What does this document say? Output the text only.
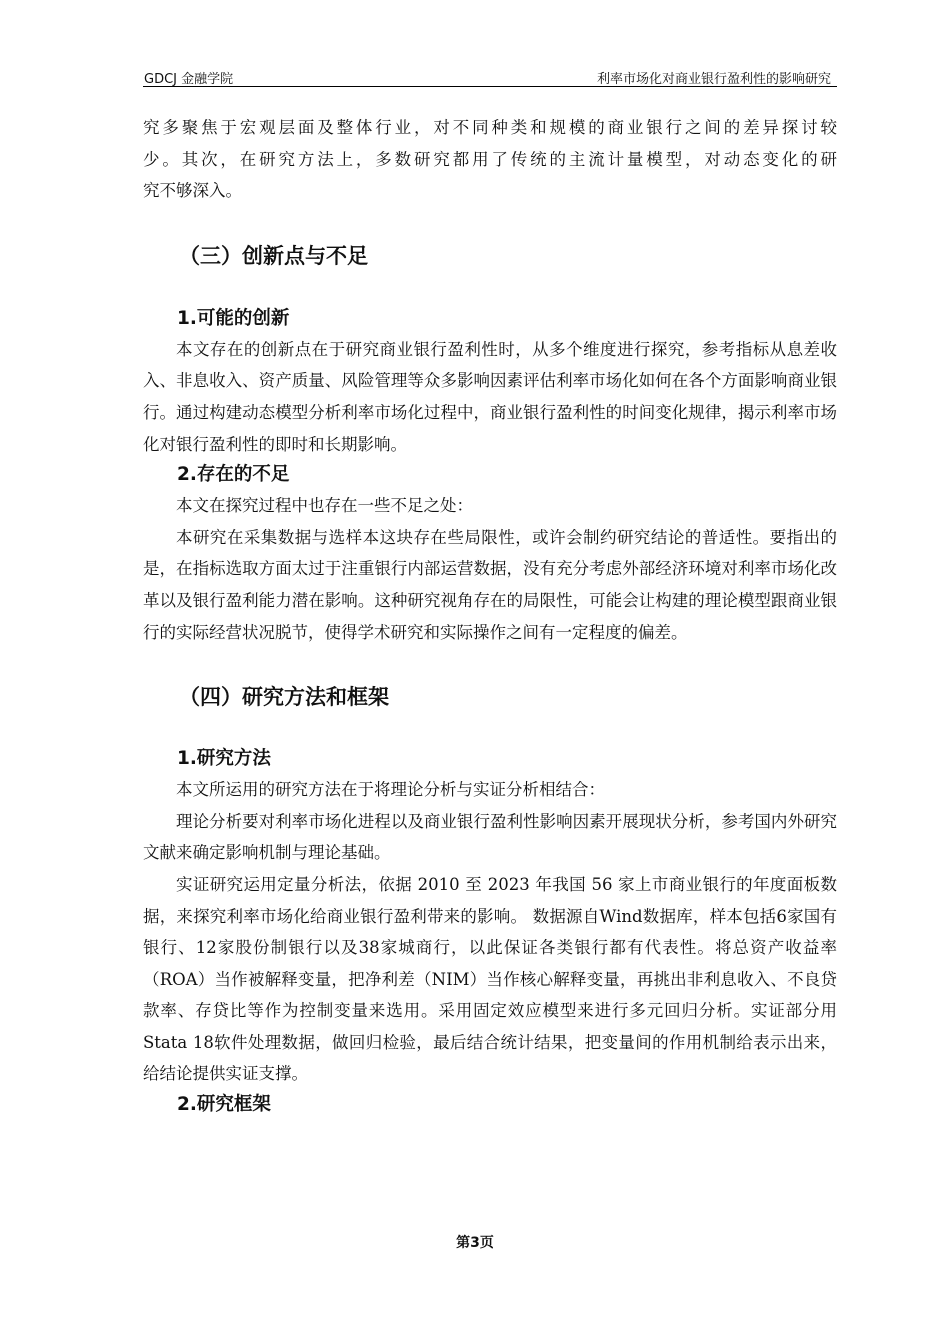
GDCJ 金融学院	利率市场化对商业银行盈利性的影响研究

究多聚焦于宏观层面及整体行业，对不同种类和规模的商业银行之间的差异探讨较

少。其次，在研究方法上，多数研究都用了传统的主流计量模型，对动态变化的研

究不够深入。

（三）创新点与不足
1.可能的创新

本文存在的创新点在于研究商业银行盈利性时，从多个维度进行探究，参考指标从息差收入、非息收入、资产质量、风险管理等众多影响因素评估利率市场化如何在各个方面影响商业银行。通过构建动态模型分析利率市场化过程中，商业银行盈利性的时间变化规律，揭示利率市场化对银行盈利性的即时和长期影响。

2.存在的不足

本文在探究过程中也存在一些不足之处：

本研究在采集数据与选样本这块存在些局限性，或许会制约研究结论的普适性。要指出的是，在指标选取方面太过于注重银行内部运营数据，没有充分考虑外部经济环境对利率市场化改革以及银行盈利能力潜在影响。这种研究视角存在的局限性，可能会让构建的理论模型跟商业银行的实际经营状况脱节，使得学术研究和实际操作之间有一定程度的偏差。

（四）研究方法和框架
1.研究方法

本文所运用的研究方法在于将理论分析与实证分析相结合：

理论分析要对利率市场化进程以及商业银行盈利性影响因素开展现状分析，参考国内外研究文献来确定影响机制与理论基础。

实证研究运用定量分析法，依据 2010 至 2023 年我国 56 家上市商业银行的年度面板数据，来探究利率市场化给商业银行盈利带来的影响。 数据源自Wind数据库，样本包括6家国有银行、12家股份制银行以及38家城商行，以此保证各类银行都有代表性。将总资产收益率（ROA）当作被解释变量，把净利差（NIM）当作核心解释变量，再挑出非利息收入、不良贷款率、存贷比等作为控制变量来选用。采用固定效应模型来进行多元回归分析。实证部分用Stata 18软件处理数据，做回归检验，最后结合统计结果，把变量间的作用机制给表示出来，给结论提供实证支撑。

2.研究框架
第3页
